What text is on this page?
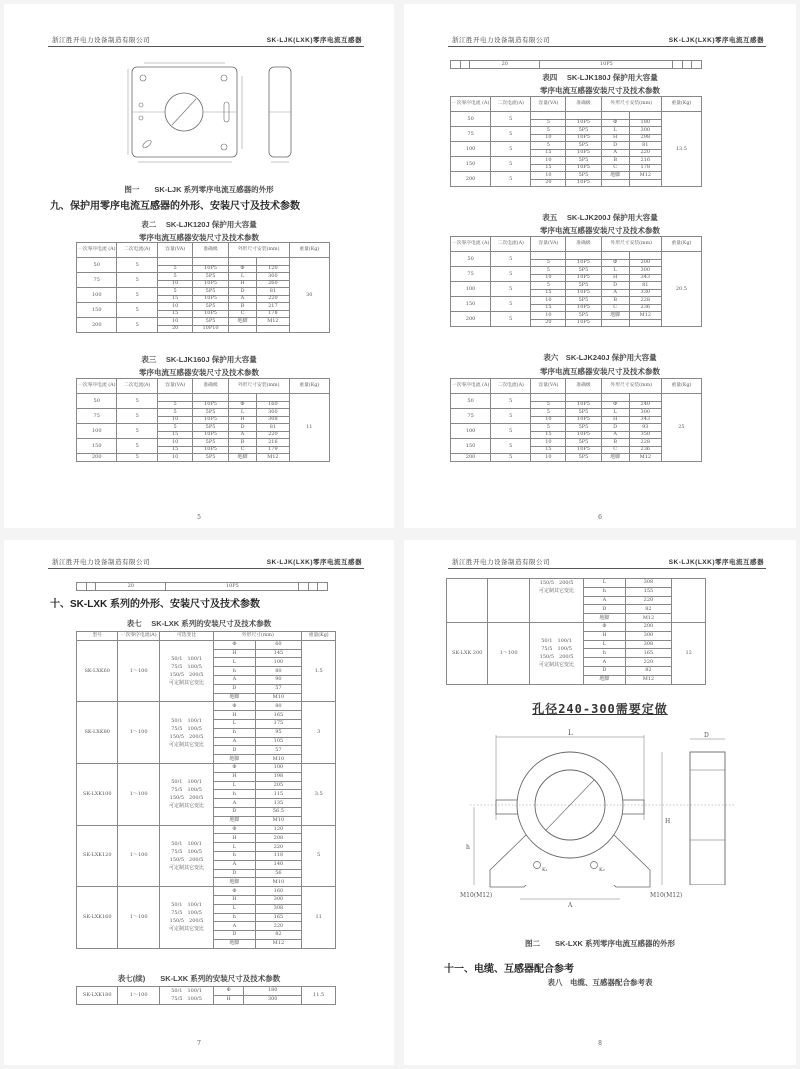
浙江胜开电力设备制造有限公司	SK-LJK(LXK)零序电流互感器
图一　　SK-LJK 系列零序电流互感器的外形
九、保护用零序电流互感器的外形、安装尺寸及技术参数
表二　 SK-LJK120J 保护用大容量
零序电流互感器安装尺寸及技术参数
一次零序电流 (A)	二次电流(A)	容量(VA)	准确级	外形尺寸安装(mm)		重量(Kg)
50	5					30
		5	10P5	Φ	120	
75	5	5	5P5	L	300	
		10	10P5	H	260	
100	5	5	5P5	D	81	
		15	10P5	A	220	
150	5	10	5P5	B	217	
		15	10P5	C	178	
200	5	10	5P5	地脚	M12	
		20	10P10			
表三　 SK-LJK160J 保护用大容量
零序电流互感器安装尺寸及技术参数
一次零序电流 (A)	二次电流(A)	容量(VA)	准确级	外形尺寸安装(mm)		重量(Kg)
50	5					11
		5	10P5	Φ	160	
75	5	5	5P5	L	300	
		10	10P5	H	308	
100	5	5	5P5	D	81	
		15	10P5	A	220	
150	5	10	5P5	B	216	
		15	10P5	C	179	
200	5	10	5P5	地脚	M12	
5
浙江胜开电力设备制造有限公司	SK-LJK(LXK)零序电流互感器
		20	10P5			
表四　 SK-LJK180J 保护用大容量
零序电流互感器安装尺寸及技术参数
一次零序电流 (A)	二次电流(A)	容量(VA)	准确级	外形尺寸安装(mm)		重量(Kg)
50	5					13.5
		5	10P5	Φ	180	
75	5	5	5P5	L	300	
		10	10P5	H	298	
100	5	5	5P5	D	81	
		15	10P5	A	220	
150	5	10	5P5	B	216	
		15	10P5	C	178	
200	5	10	5P5	地脚	M12	
		20	10P5			
表五　 SK-LJK200J 保护用大容量
零序电流互感器安装尺寸及技术参数
一次零序电流 (A)	二次电流(A)	容量(VA)	准确级	外形尺寸安装(mm)		重量(Kg)
50	5					20.5
		5	10P5	Φ	200	
75	5	5	5P5	L	300	
		10	10P5	H	343	
100	5	5	5P5	D	81	
		15	10P5	A	330	
150	5	10	5P5	B	228	
		15	10P5	C	236	
200	5	10	5P5	地脚	M12	
		20	10P5			
表六　SK-LJK240J 保护用大容量
零序电流互感器安装尺寸及技术参数
一次零序电流 (A)	二次电流(A)	容量(VA)	准确级	外形尺寸安装(mm)		重量(Kg)
50	5					25
		5	10P5	Φ	240	
75	5	5	5P5	L	300	
		10	10P5	H	343	
100	5	5	5P5	D	93	
		15	10P5	A	350	
150	5	10	5P5	B	228	
		15	10P5	C	236	
200	5	10	5P5	地脚	M12	
6
浙江胜开电力设备制造有限公司	SK-LJK(LXK)零序电流互感器
		20	10P5			
十、SK-LXK 系列的外形、安装尺寸及技术参数
表七　 SK-LXK 系列的安装尺寸及技术参数
型号	一次零序电流(A)	可选变比	外形尺寸(mm)		重量(Kg)
SK-LXK60	1～100	50/1　100/1
75/5　100/5
150/5　200/5
可定制其它变比	Φ	60	1.5
			H	145	
			L	100	
			h	80	
			A	90	
			D	57	
			地脚	M10	
SK-LXK80	1～100	50/1　100/1
75/5　100/5
150/5　200/5
可定制其它变比	Φ	80	3
			H	165	
			L	175	
			h	95	
			A	105	
			D	57	
			地脚	M10	
SK-LXK100	1～100	50/1　100/1
75/5　100/5
150/5　200/5
可定制其它变比	Φ	100	3.5
			H	198	
			L	205	
			h	115	
			A	135	
			D	56.5	
			地脚	M10	
SK-LXK120	1～100	50/1　100/1
75/5　100/5
150/5　200/5
可定制其它变比	Φ	120	5
			H	208	
			L	220	
			h	118	
			A	140	
			D	56	
			地脚	M10	
SK-LXK160	1～100	50/1　100/1
75/5　100/5
150/5　200/5
可定制其它变比	Φ	160	11
			H	300	
			L	308	
			h	165	
			A	220	
			D	82	
			地脚	M12	
表七(续)　　SK-LXK 系列的安装尺寸及技术参数
SK-LXK180	1～100	50/1　100/1
75/5　100/5	Φ	180	11.5
			H	300	
7
浙江胜开电力设备制造有限公司	SK-LJK(LXK)零序电流互感器

		150/5　200/5
可定制其它变比	L	308	
			h	155	
			A	220	
			D	82	
			地脚	M12	
SK-LXK 200	1～100	50/1　100/1
75/5　100/5
150/5　200/5
可定制其它变比	Φ	200	12
			H	300	
			L	308	
			h	165	
			A	220	
			D	82	
			地脚	M12	
孔径240-300需要定做
L
h
H
K₁	K₂
D
A
M10(M12)	M10(M12)
图二　　SK-LXK 系列零序电流互感器的外形
十一、电缆、互感器配合参考
表八　电缆、互感器配合参考表
8
